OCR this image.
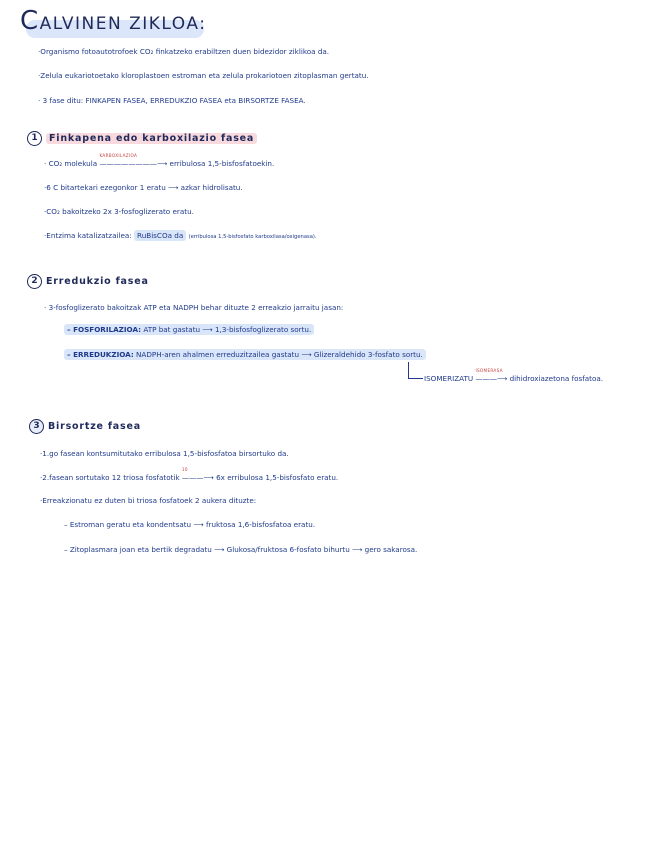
CALVINEN ZIKLOA:
·Organismo fotoautotrofoek CO₂ finkatzeko erabiltzen duen bidezidor ziklikoa da.
·Zelula eukariotoetako kloroplastoen estroman eta zelula prokariotoen zitoplasman gertatu.
· 3 fase ditu: FINKAPEN FASEA, ERREDUKZIO FASEA eta BIRSORTZE FASEA.
1	Finkapena edo karboxilazio fasea
· CO₂ molekula
KARBOXILAZIOA
————————⟶ erribulosa 1,5-bisfosfatoekin.
·6 C bitartekari ezegonkor 1 eratu ⟶ azkar hidrolisatu.
·CO₂ bakoitzeko 2x 3-fosfoglizerato eratu.
·Entzima katalizatzailea: RuBisCOa da (erribulosa 1,5-bisfosfato karboxilasa/oxigenasa).
2 Erredukzio fasea
· 3-fosfoglizerato bakoitzak ATP eta NADPH behar dituzte 2 erreakzio jarraitu jasan:
– FOSFORILAZIOA: ATP bat gastatu ⟶ 1,3-bisfosfoglizerato sortu.
– ERREDUKZIOA: NADPH-aren ahalmen erreduzitzailea gastatu ⟶ Glizeraldehido 3-fosfato sortu.
ISOMERIZATU
ISOMERASA
———⟶ dihidroxiazetona fosfatoa.
3 Birsortze fasea
·1.go fasean kontsumitutako erribulosa 1,5-bisfosfatoa birsortuko da.
·2.fasean sortutako 12 triosa fosfatotik
10
———⟶ 6x erribulosa 1,5-bisfosfato eratu.
·Erreakzionatu ez duten bi triosa fosfatoek 2 aukera dituzte:
– Estroman geratu eta kondentsatu ⟶ fruktosa 1,6-bisfosfatoa eratu.
– Zitoplasmara joan eta bertik degradatu ⟶ Glukosa/fruktosa 6-fosfato bihurtu ⟶ gero sakarosa.
